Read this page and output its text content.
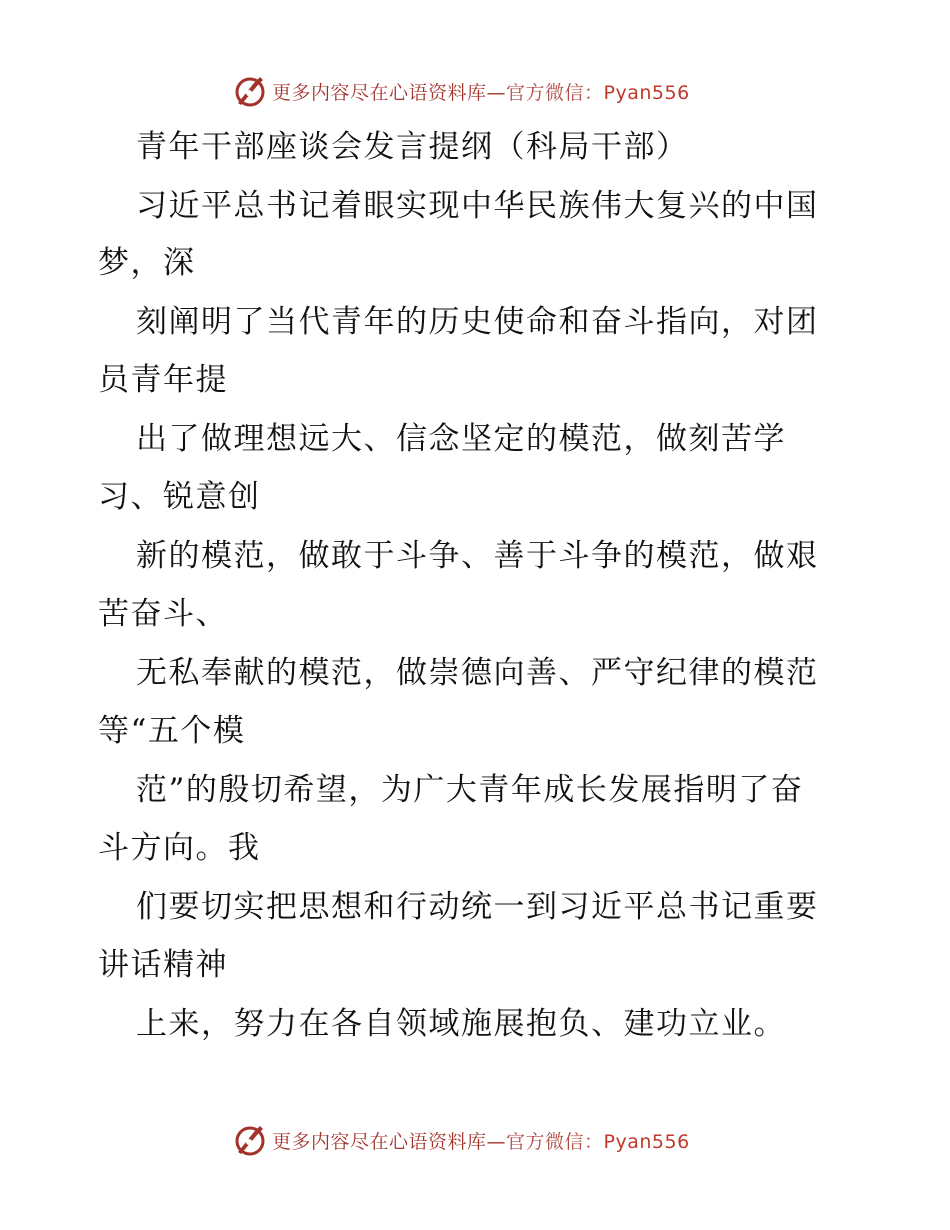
更多内容尽在心语资料库—官方微信：Pyan556
青年干部座谈会发言提纲（科局干部）
习近平总书记着眼实现中华民族伟大复兴的中国
梦，深
刻阐明了当代青年的历史使命和奋斗指向，对团
员青年提
出了做理想远大、信念坚定的模范，做刻苦学
习、锐意创
新的模范，做敢于斗争、善于斗争的模范，做艰
苦奋斗、
无私奉献的模范，做崇德向善、严守纪律的模范
等“五个模
范”的殷切希望，为广大青年成长发展指明了奋
斗方向。我
们要切实把思想和行动统一到习近平总书记重要
讲话精神
上来，努力在各自领域施展抱负、建功立业。
更多内容尽在心语资料库—官方微信：Pyan556
